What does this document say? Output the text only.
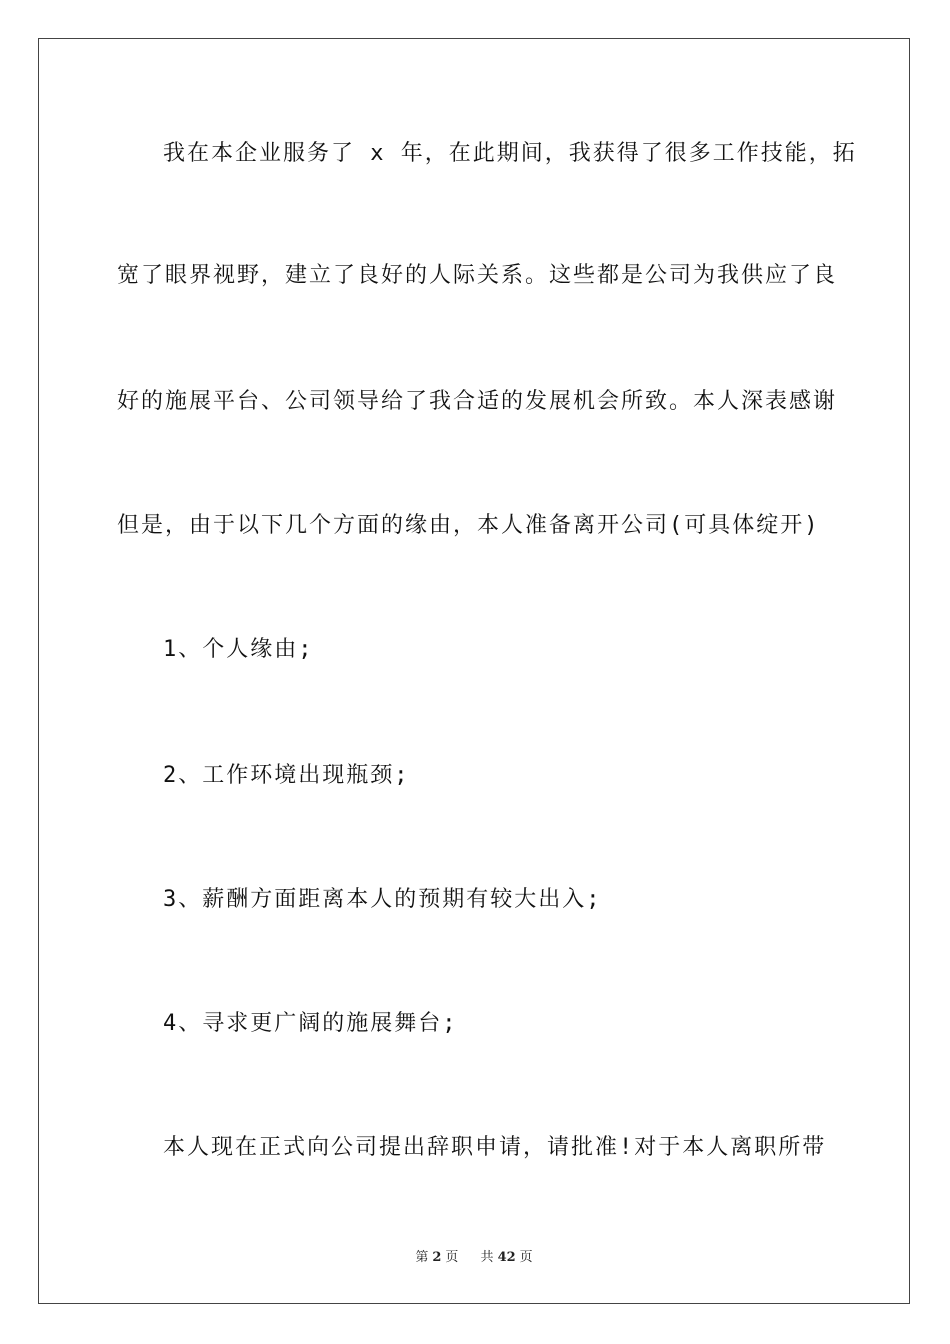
我在本企业服务了 x 年，在此期间，我获得了很多工作技能，拓
宽了眼界视野，建立了良好的人际关系。这些都是公司为我供应了良
好的施展平台、公司领导给了我合适的发展机会所致。本人深表感谢
但是，由于以下几个方面的缘由，本人准备离开公司(可具体绽开)
1、个人缘由;
2、工作环境出现瓶颈;
3、薪酬方面距离本人的预期有较大出入;
4、寻求更广阔的施展舞台;
本人现在正式向公司提出辞职申请，请批准!对于本人离职所带
第 2 页 共 42 页
